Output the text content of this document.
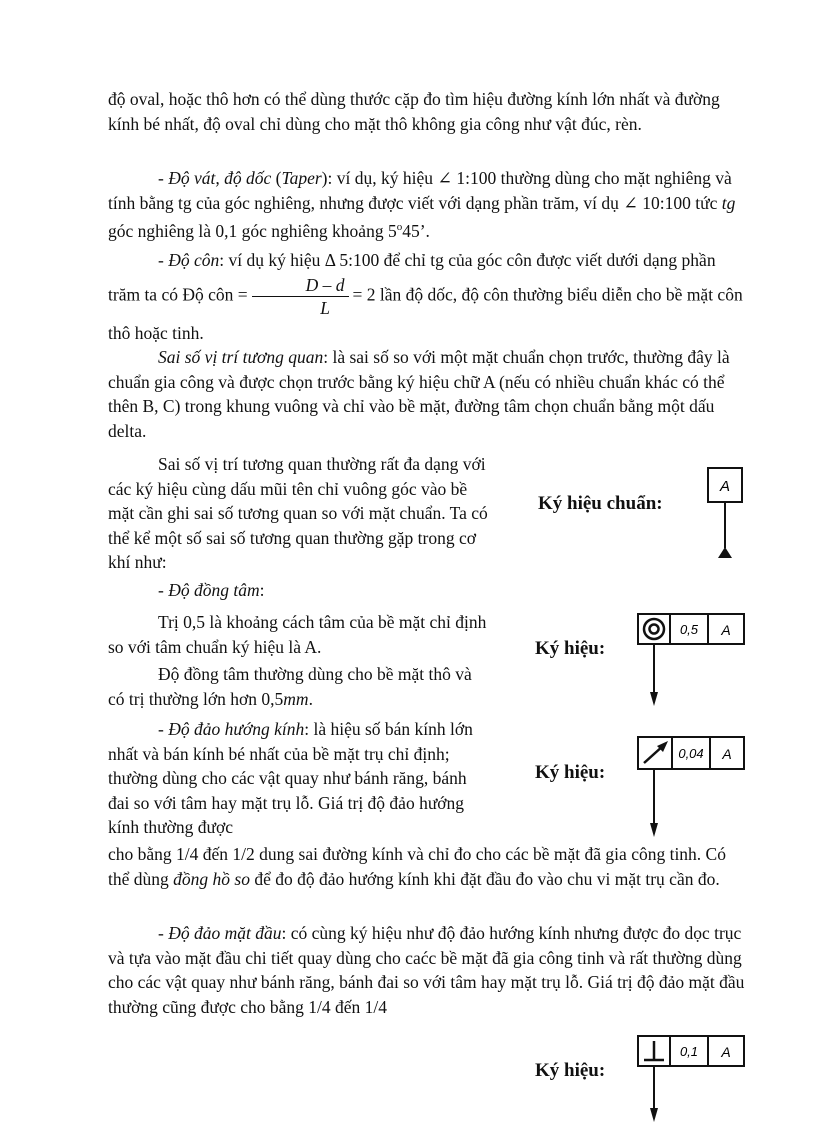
độ oval, hoặc thô hơn có thể dùng thước cặp đo tìm hiệu đường kính lớn nhất và đường kính bé nhất, độ oval chỉ dùng cho mặt thô không gia công như vật đúc, rèn.

- Độ vát, độ dốc (Taper): ví dụ, ký hiệu ∠ 1:100 thường dùng cho mặt nghiêng và tính bằng tg của góc nghiêng, nhưng được viết với dạng phần trăm, ví dụ ∠ 10:100 tức tg góc nghiêng là 0,1 góc nghiêng khoảng 5$^o$45’.

- Độ côn: ví dụ ký hiệu Δ 5:100 để chỉ tg của góc côn được viết dưới dạng phần trăm ta có Độ côn = $\frac{D - d}{L} = 2$ lần độ dốc, độ côn thường biểu diễn cho bề mặt côn thô hoặc tinh.

Sai số vị trí tương quan: là sai số so với một mặt chuẩn chọn trước, thường đây là chuẩn gia công và được chọn trước bằng ký hiệu chữ A (nếu có nhiều chuẩn khác có thể thên B, C) trong khung vuông và chỉ vào bề mặt, đường tâm chọn chuẩn bằng một dấu delta.

Sai số vị trí tương quan thường rất đa dạng với các ký hiệu cùng dấu mũi tên chỉ vuông góc vào bề mặt cần ghi sai số tương quan so với mặt chuẩn. Ta có thể kể một số sai số tương quan thường gặp trong cơ khí như:

- Độ đồng tâm:

Trị 0,5 là khoảng cách tâm của bề mặt chỉ định so với tâm chuẩn ký hiệu là A.

Độ đồng tâm thường dùng cho bề mặt thô và có trị thường lớn hơn 0,5mm.

- Độ đảo hướng kính: là hiệu số bán kính lớn nhất và bán kính bé nhất của bề mặt trụ chỉ định; thường dùng cho các vật quay như bánh răng, bánh đai so với tâm hay mặt trụ lỗ. Giá trị độ đảo hướng kính thường được

cho bằng 1/4 đến 1/2 dung sai đường kính và chỉ đo cho các bề mặt đã gia công tinh. Có thể dùng đồng hồ so để đo độ đảo hướng kính khi đặt đầu đo vào chu vi mặt trụ cần đo.

- Độ đảo mặt đầu: có cùng ký hiệu như độ đảo hướng kính nhưng được đo dọc trục và tựa vào mặt đầu chi tiết quay dùng cho caćc bề mặt đã gia công tinh và rất thường dùng cho các vật quay như bánh răng, bánh đai so với tâm hay mặt trụ lỗ. Giá trị độ đảo mặt đầu thường cũng được cho bằng 1/4 đến 1/4

Ký hiệu chuẩn:
A
Ký hiệu:
0,5 A
Ký hiệu:
0,04 A
Ký hiệu:
0,1 A
